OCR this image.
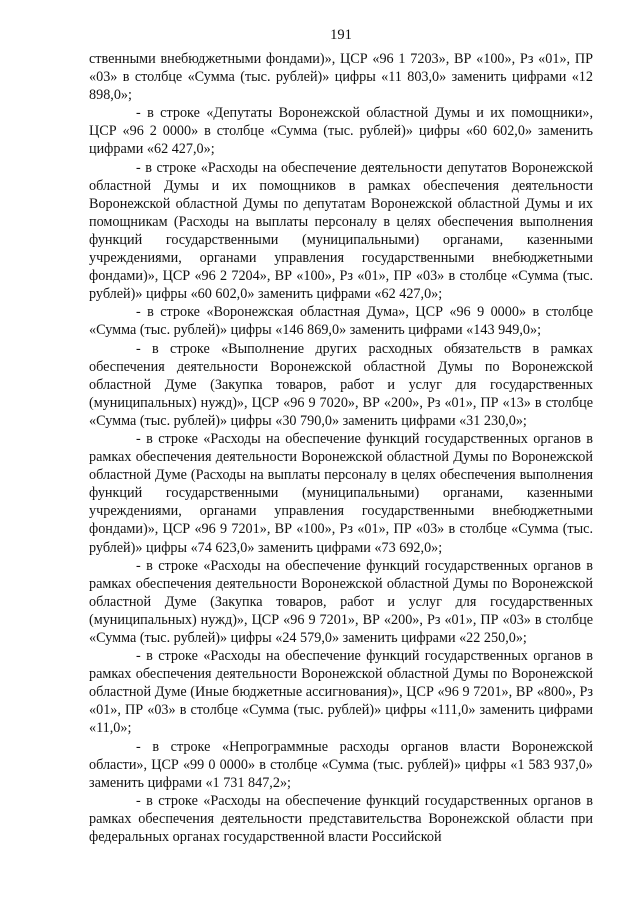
191

ственными внебюджетными фондами)», ЦСР «96 1 7203», ВР «100», Рз «01», ПР «03» в столбце «Сумма (тыс. рублей)» цифры «11 803,0» заменить цифрами «12 898,0»;

- в строке «Депутаты Воронежской областной Думы и их помощники», ЦСР «96 2 0000» в столбце «Сумма (тыс. рублей)» цифры «60 602,0» заменить цифрами «62 427,0»;

- в строке «Расходы на обеспечение деятельности депутатов Воронежской областной Думы и их помощников в рамках обеспечения деятельности Воронежской областной Думы по депутатам Воронежской областной Думы и их помощникам (Расходы на выплаты персоналу в целях обеспечения выполнения функций государственными (муниципальными) органами, казенными учреждениями, органами управления государственными внебюджетными фондами)», ЦСР «96 2 7204», ВР «100», Рз «01», ПР «03» в столбце «Сумма (тыс. рублей)» цифры «60 602,0» заменить цифрами «62 427,0»;

- в строке «Воронежская областная Дума», ЦСР «96 9 0000» в столбце «Сумма (тыс. рублей)» цифры «146 869,0» заменить цифрами «143 949,0»;

- в строке «Выполнение других расходных обязательств в рамках обеспечения деятельности Воронежской областной Думы по Воронежской областной Думе (Закупка товаров, работ и услуг для государственных (муниципальных) нужд)», ЦСР «96 9 7020», ВР «200», Рз «01», ПР «13» в столбце «Сумма (тыс. рублей)» цифры «30 790,0» заменить цифрами «31 230,0»;

- в строке «Расходы на обеспечение функций государственных органов в рамках обеспечения деятельности Воронежской областной Думы по Воронежской областной Думе (Расходы на выплаты персоналу в целях обеспечения выполнения функций государственными (муниципальными) органами, казенными учреждениями, органами управления государственными внебюджетными фондами)», ЦСР «96 9 7201», ВР «100», Рз «01», ПР «03» в столбце «Сумма (тыс. рублей)» цифры «74 623,0» заменить цифрами «73 692,0»;

- в строке «Расходы на обеспечение функций государственных органов в рамках обеспечения деятельности Воронежской областной Думы по Воронежской областной Думе (Закупка товаров, работ и услуг для государственных (муниципальных) нужд)», ЦСР «96 9 7201», ВР «200», Рз «01», ПР «03» в столбце «Сумма (тыс. рублей)» цифры «24 579,0» заменить цифрами «22 250,0»;

- в строке «Расходы на обеспечение функций государственных органов в рамках обеспечения деятельности Воронежской областной Думы по Воронежской областной Думе (Иные бюджетные ассигнования)», ЦСР «96 9 7201», ВР «800», Рз «01», ПР «03» в столбце «Сумма (тыс. рублей)» цифры «111,0» заменить цифрами «11,0»;

- в строке «Непрограммные расходы органов власти Воронежской области», ЦСР «99 0 0000» в столбце «Сумма (тыс. рублей)» цифры «1 583 937,0» заменить цифрами «1 731 847,2»;

- в строке «Расходы на обеспечение функций государственных органов в рамках обеспечения деятельности представительства Воронежской области при федеральных органах государственной власти Российской
